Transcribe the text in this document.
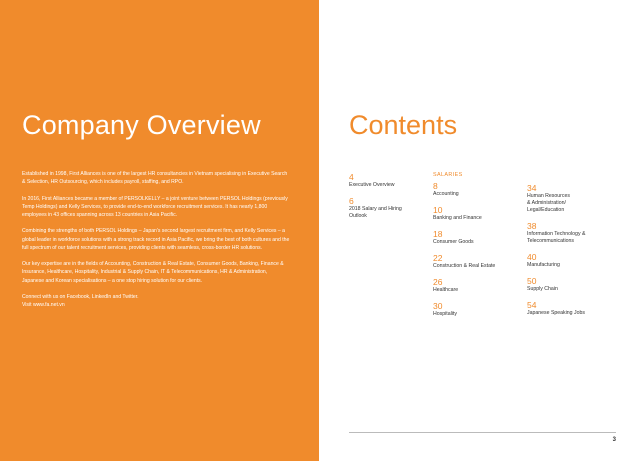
Company Overview

Established in 1998, First Alliances is one of the largest HR consultancies in Vietnam specialising in Executive Search & Selection, HR Outsourcing, which includes payroll, staffing, and RPO.

In 2016, First Alliances became a member of PERSOLKELLY – a joint venture between PERSOL Holdings (previously Temp Holdings) and Kelly Services, to provide end-to-end workforce recruitment services. It has nearly 1,800 employees in 43 offices spanning across 13 countries in Asia Pacific.

Combining the strengths of both PERSOL Holdings – Japan's second largest recruitment firm, and Kelly Services – a global leader in workforce solutions with a strong track record in Asia Pacific, we bring the best of both cultures and the full spectrum of our talent recruitment services, providing clients with seamless, cross-border HR solutions.

Our key expertise are in the fields of Accounting, Construction & Real Estate, Consumer Goods, Banking, Finance & Insurance, Healthcare, Hospitality, Industrial & Supply Chain, IT & Telecommunications, HR & Administration, Japanese and Korean specialisations – a one stop hiring solution for our clients.

Connect with us on Facebook, LinkedIn and Twitter.
Visit www.fa.net.vn

Contents
4
Executive Overview
6
2018 Salary and Hiring
Outlook
SALARIES
8
Accounting
10
Banking and Finance
18
Consumer Goods
22
Construction & Real Estate
26
Healthcare
30
Hospitality
34
Human Resources
& Administration/
Legal/Education
38
Information Technology &
Telecommunications
40
Manufacturing
50
Supply Chain
54
Japanese Speaking Jobs
3
